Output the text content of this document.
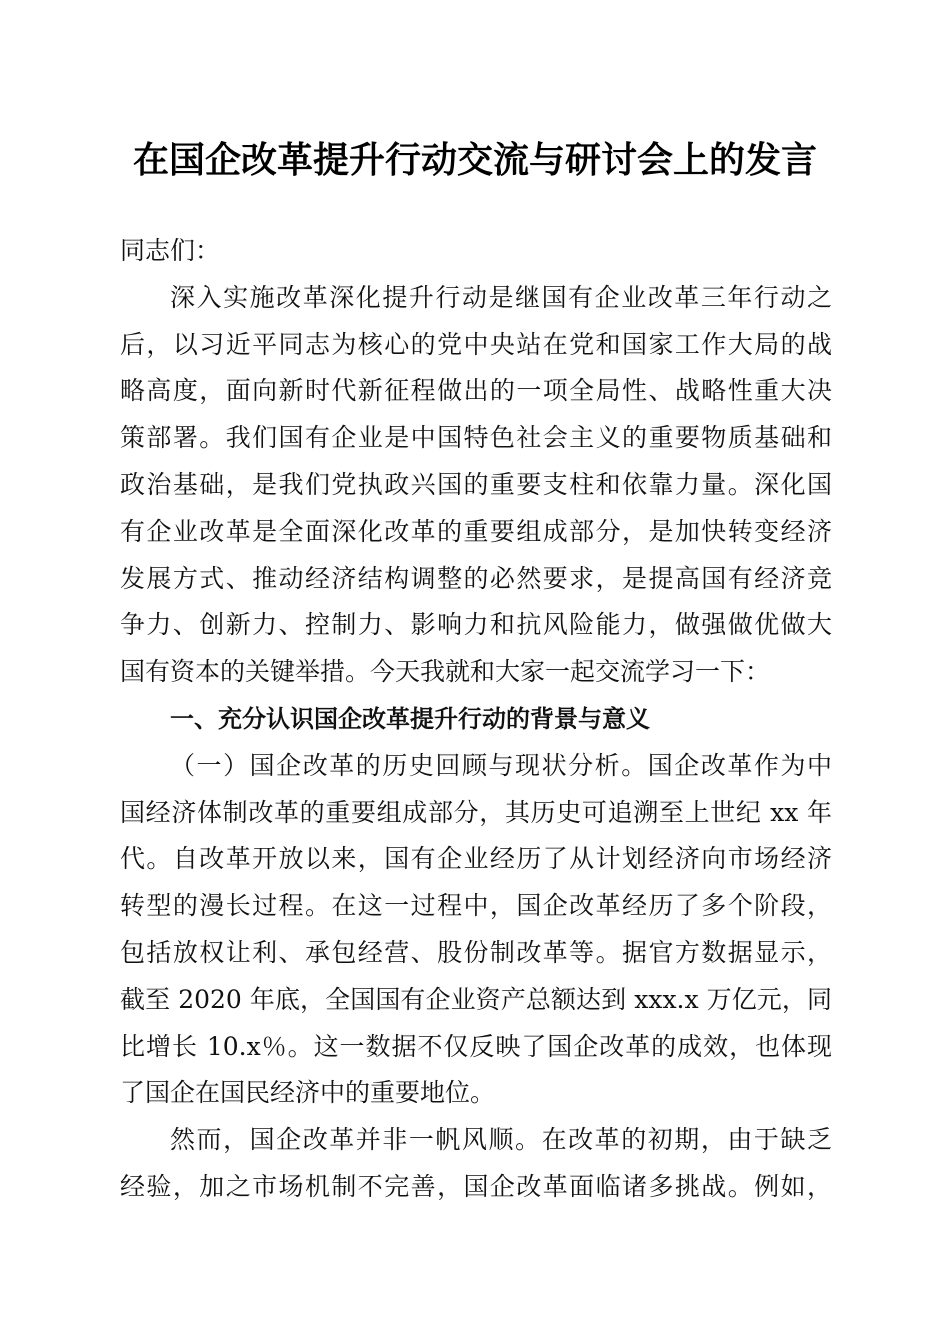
在国企改革提升行动交流与研讨会上的发言
同志们：
深入实施改革深化提升行动是继国有企业改革三年行动之
后，以习近平同志为核心的党中央站在党和国家工作大局的战
略高度，面向新时代新征程做出的一项全局性、战略性重大决
策部署。我们国有企业是中国特色社会主义的重要物质基础和
政治基础，是我们党执政兴国的重要支柱和依靠力量。深化国
有企业改革是全面深化改革的重要组成部分，是加快转变经济
发展方式、推动经济结构调整的必然要求，是提高国有经济竞
争力、创新力、控制力、影响力和抗风险能力，做强做优做大
国有资本的关键举措。今天我就和大家一起交流学习一下：
一、充分认识国企改革提升行动的背景与意义
（一）国企改革的历史回顾与现状分析。国企改革作为中
国经济体制改革的重要组成部分，其历史可追溯至上世纪 xx 年
代。自改革开放以来，国有企业经历了从计划经济向市场经济
转型的漫长过程。在这一过程中，国企改革经历了多个阶段，
包括放权让利、承包经营、股份制改革等。据官方数据显示，
截至 2020 年底，全国国有企业资产总额达到 xxx.x 万亿元，同
比增长 10.x％。这一数据不仅反映了国企改革的成效，也体现
了国企在国民经济中的重要地位。
然而，国企改革并非一帆风顺。在改革的初期，由于缺乏
经验，加之市场机制不完善，国企改革面临诸多挑战。例如，
